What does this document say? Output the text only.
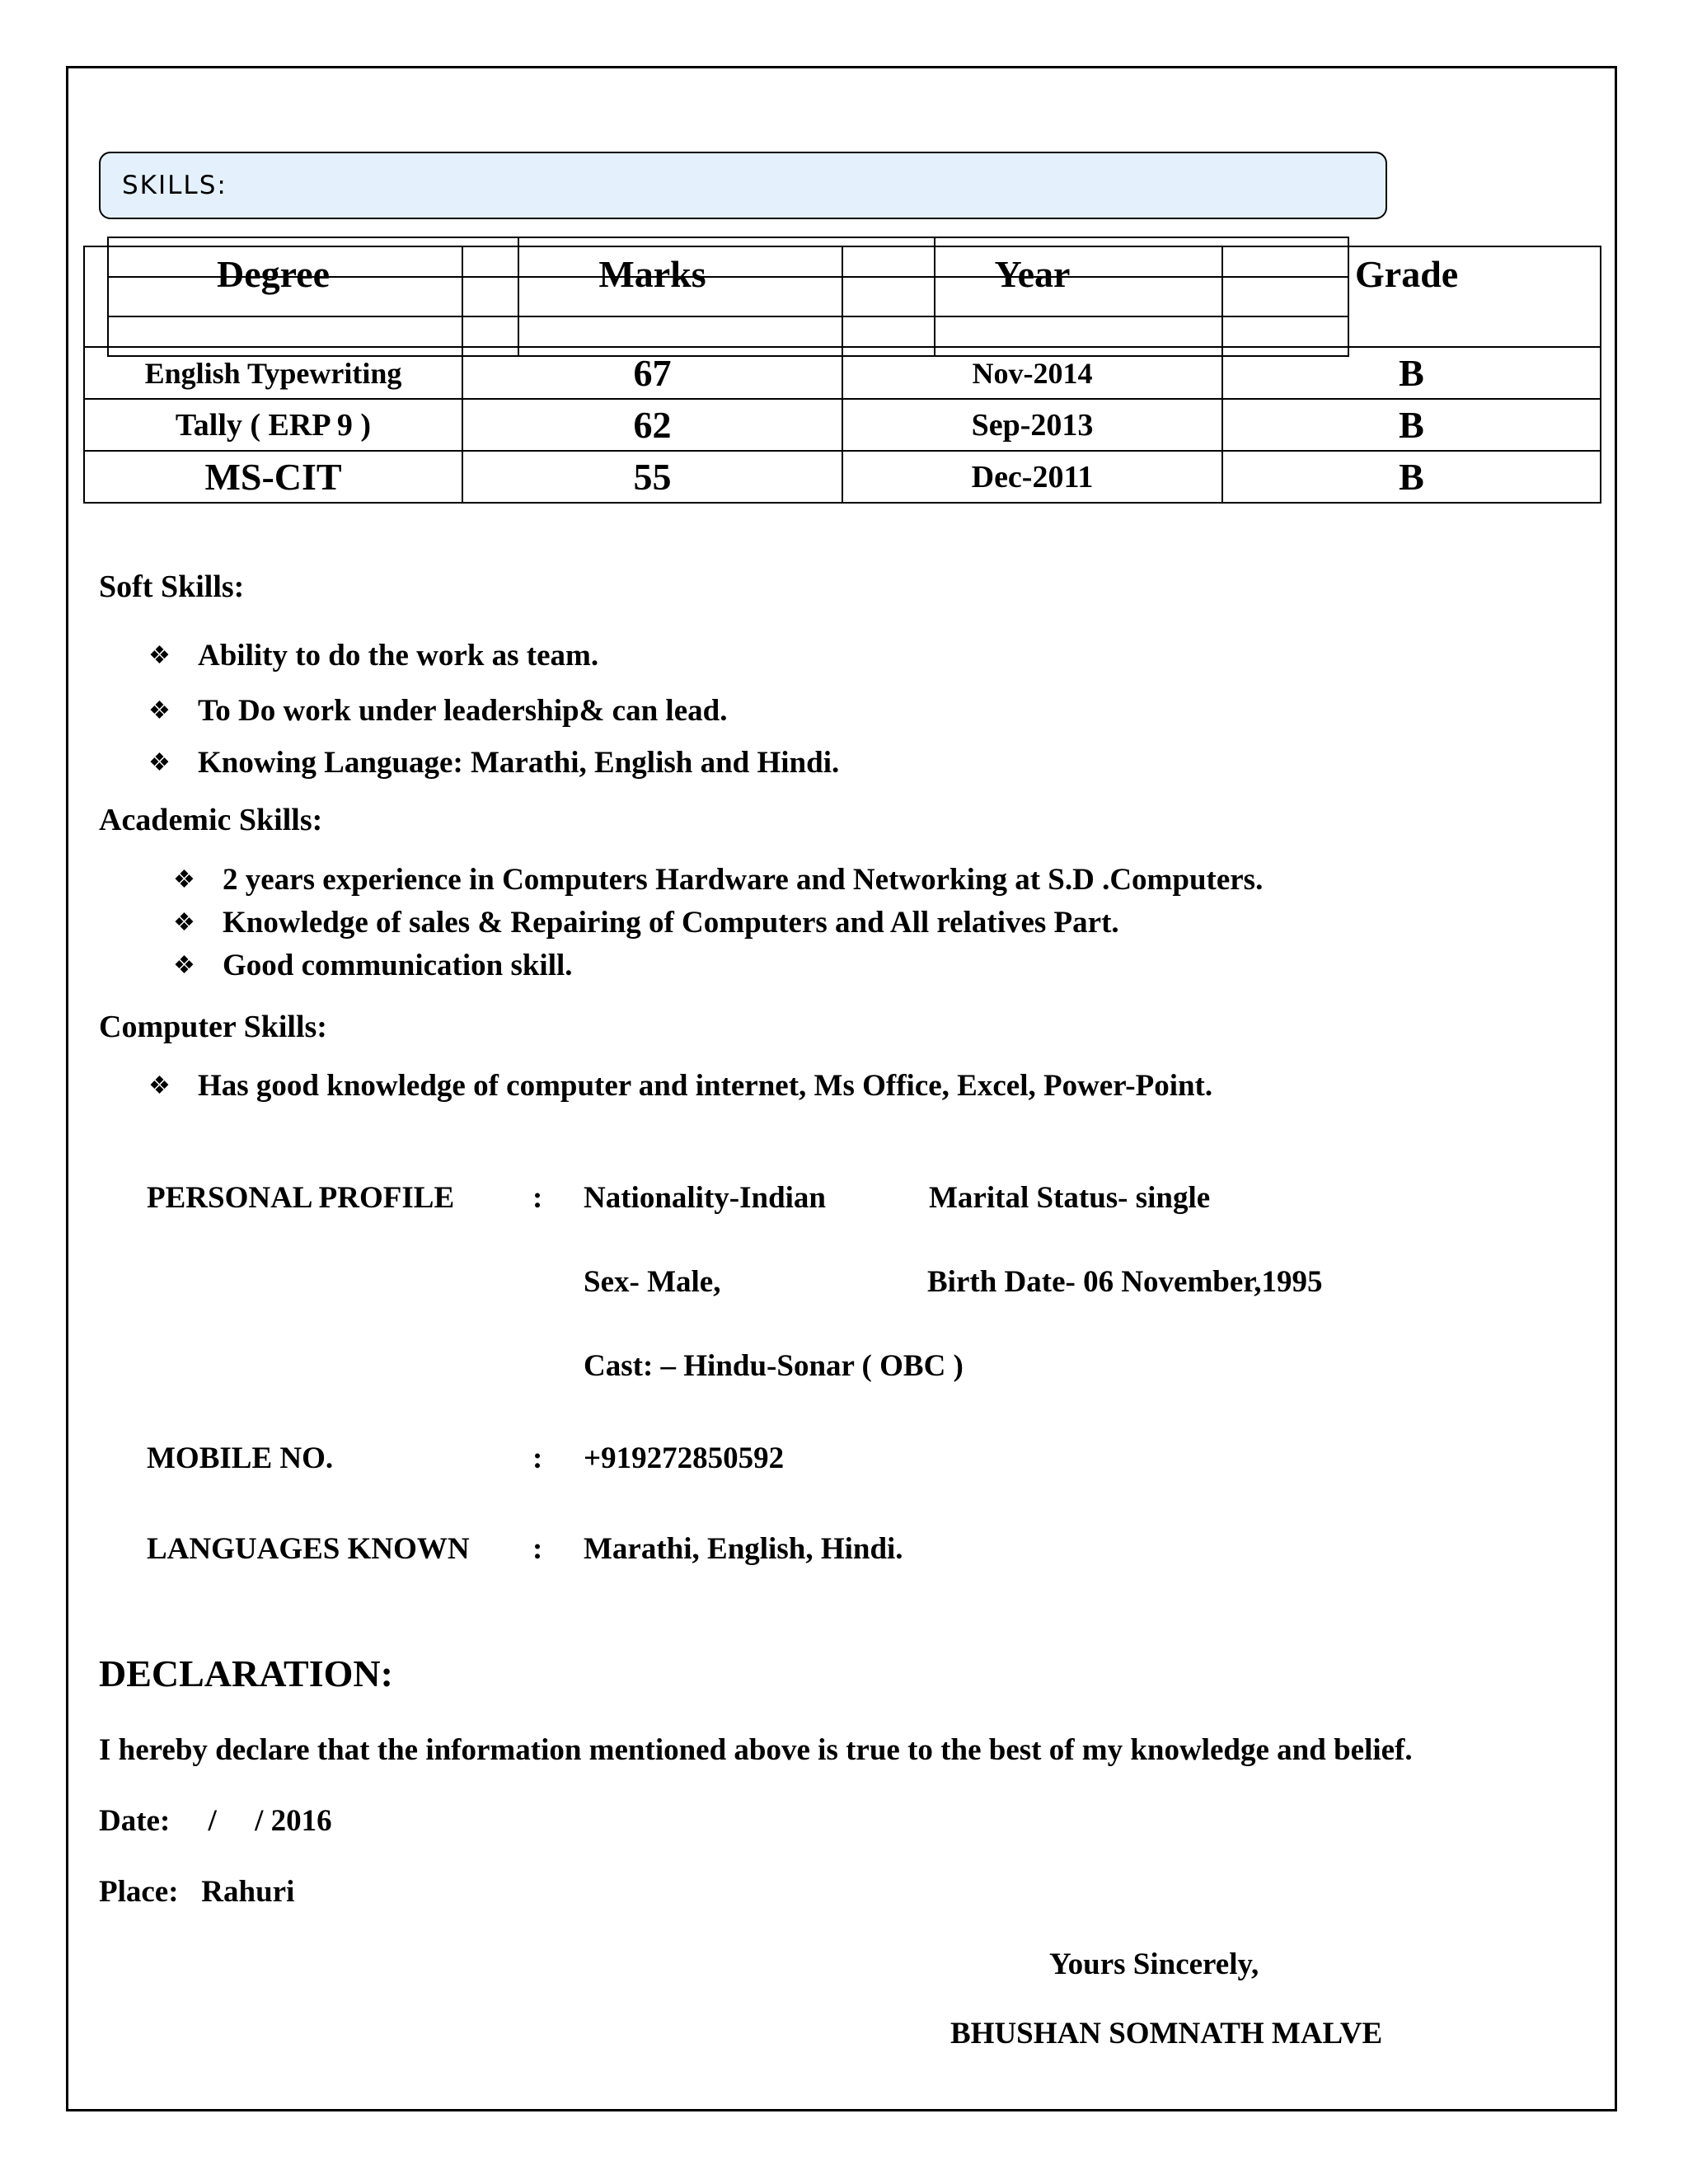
SKILLS:
Degree	Marks	Year	Grade
English Typewriting	67	Nov-2014	B
Tally ( ERP 9 )	62	Sep-2013	B
MS-CIT	55	Dec-2011	B
Soft Skills:
❖ Ability to do the work as team.
❖ To Do work under leadership& can lead.
❖ Knowing Language: Marathi, English and Hindi.
Academic Skills:
❖ 2 years experience in Computers Hardware and Networking at S.D .Computers.
❖ Knowledge of sales & Repairing of Computers and All relatives Part.
❖ Good communication skill.
Computer Skills:
❖ Has good knowledge of computer and internet, Ms Office, Excel, Power-Point.
PERSONAL PROFILE	: Nationality-Indian	Marital Status- single
Sex- Male,	Birth Date- 06 November,1995
Cast: – Hindu-Sonar ( OBC )
MOBILE NO.	: +919272850592
LANGUAGES KNOWN : Marathi, English, Hindi.
DECLARATION:
I hereby declare that the information mentioned above is true to the best of my knowledge and belief.
Date:     /     / 2016
Place:   Rahuri
Yours Sincerely,
BHUSHAN SOMNATH MALVE
